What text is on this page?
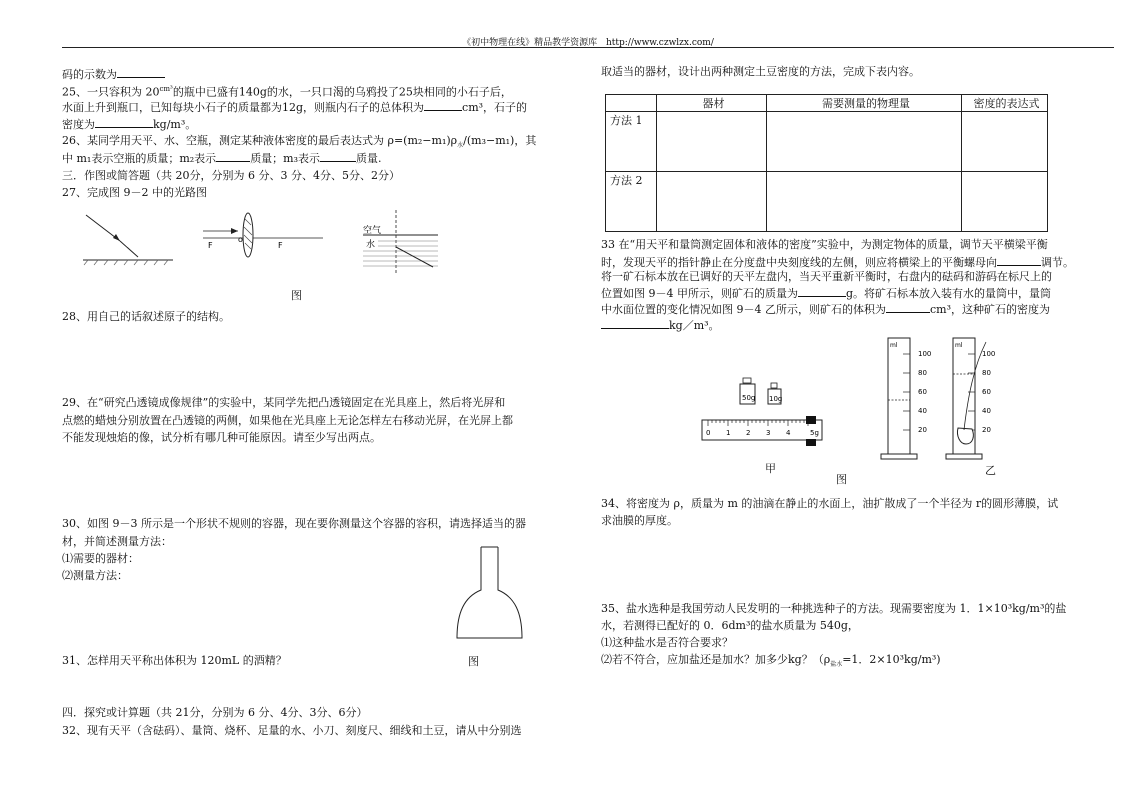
《初中物理在线》精品教学资源库 http://www.czwlzx.com/
码的示数为
25、一只容积为 $20^{cm^3}$的瓶中已盛有140g的水，一只口渴的乌鸦投了25块相同的小石子后，
水面上升到瓶口，已知每块小石子的质量都为12g，则瓶内石子的总体积为	cm³，石子的
密度为	kg/m³。
26、某同学用天平、水、空瓶，测定某种液体密度的最后表达式为 $\rho=(m_2-m_1)\rho_水/(m_3-m_1)$，其
中 m₁表示空瓶的质量；m₂表示	质量；m₃表示	质量.
三．作图或简答题（共 20分，分别为 6 分、3 分、4分、5分、2分）
27、完成图 9－2 中的光路图
F
o
F
空气
水
图
28、用自己的话叙述原子的结构。
29、在“研究凸透镜成像规律”的实验中，某同学先把凸透镜固定在光具座上，然后将光屏和
点燃的蜡烛分别放置在凸透镜的两侧，如果他在光具座上无论怎样左右移动光屏，在光屏上都
不能发现烛焰的像，试分析有哪几种可能原因。请至少写出两点。
30、如图 9－3 所示是一个形状不规则的容器，现在要你测量这个容器的容积，请选择适当的器
材，并简述测量方法：
⑴需要的器材：
⑵测量方法：
31、怎样用天平称出体积为 120mL 的酒精？	图
四．探究或计算题（共 21分，分别为 6 分、4分、3分、6分）
32、现有天平（含砝码）、量筒、烧杯、足量的水、小刀、刻度尺、细线和土豆，请从中分别选
取适当的器材，设计出两种测定土豆密度的方法，完成下表内容。
	器材	需要测量的物理量	密度的表达式
方法 1			
方法 2			
33 在“用天平和量筒测定固体和液体的密度”实验中，为测定物体的质量，调节天平横梁平衡
时，发现天平的指针静止在分度盘中央刻度线的左侧，则应将横梁上的平衡螺母向	调节。
将一矿石标本放在已调好的天平左盘内，当天平重新平衡时，右盘内的砝码和游码在标尺上的
位置如图 9－4 甲所示，则矿石的质量为	g。将矿石标本放入装有水的量筒中，量筒
中水面位置的变化情况如图 9－4 乙所示，则矿石的体积为	cm³，这种矿石的密度为
kg／m³。
50g 10g
0 1 2 3 4	5g
甲
图
ml
100
80
60
40
20
ml
100
80
60
40
20
乙
34、将密度为 ρ，质量为 m 的油滴在静止的水面上，油扩散成了一个半径为 r的圆形薄膜，试
求油膜的厚度。
35、盐水选种是我国劳动人民发明的一种挑选种子的方法。现需要密度为 1．1×10³kg/m³的盐
水，若测得已配好的 0．6dm³的盐水质量为 540g，
⑴这种盐水是否符合要求？
⑵若不符合，应加盐还是加水？加多少kg？（$\rho_{盐水}=1$．2×10³kg/m³)
